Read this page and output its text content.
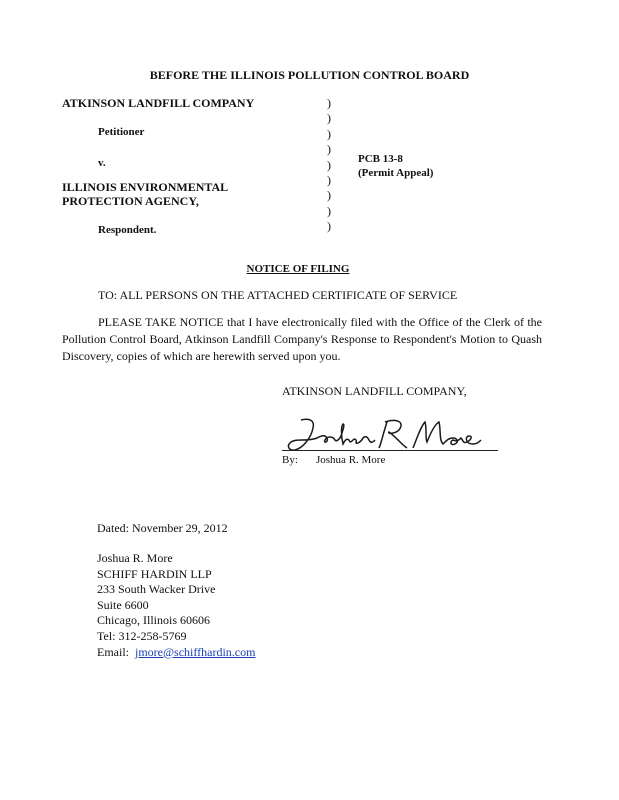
BEFORE THE ILLINOIS POLLUTION CONTROL BOARD
ATKINSON LANDFILL COMPANY
Petitioner
v.
ILLINOIS ENVIRONMENTAL
PROTECTION AGENCY,
Respondent.
)
)
)
)
)
)
)
)
)
PCB 13-8
(Permit Appeal)
NOTICE OF FILING
TO: ALL PERSONS ON THE ATTACHED CERTIFICATE OF SERVICE
PLEASE TAKE NOTICE that I have electronically filed with the Office of the Clerk of the Pollution Control Board, Atkinson Landfill Company's Response to Respondent's Motion to Quash Discovery, copies of which are herewith served upon you.
ATKINSON LANDFILL COMPANY,
By: Joshua R. More
Dated: November 29, 2012
Joshua R. More
SCHIFF HARDIN LLP
233 South Wacker Drive
Suite 6600
Chicago, Illinois 60606
Tel: 312-258-5769
Email:  jmore@schiffhardin.com
